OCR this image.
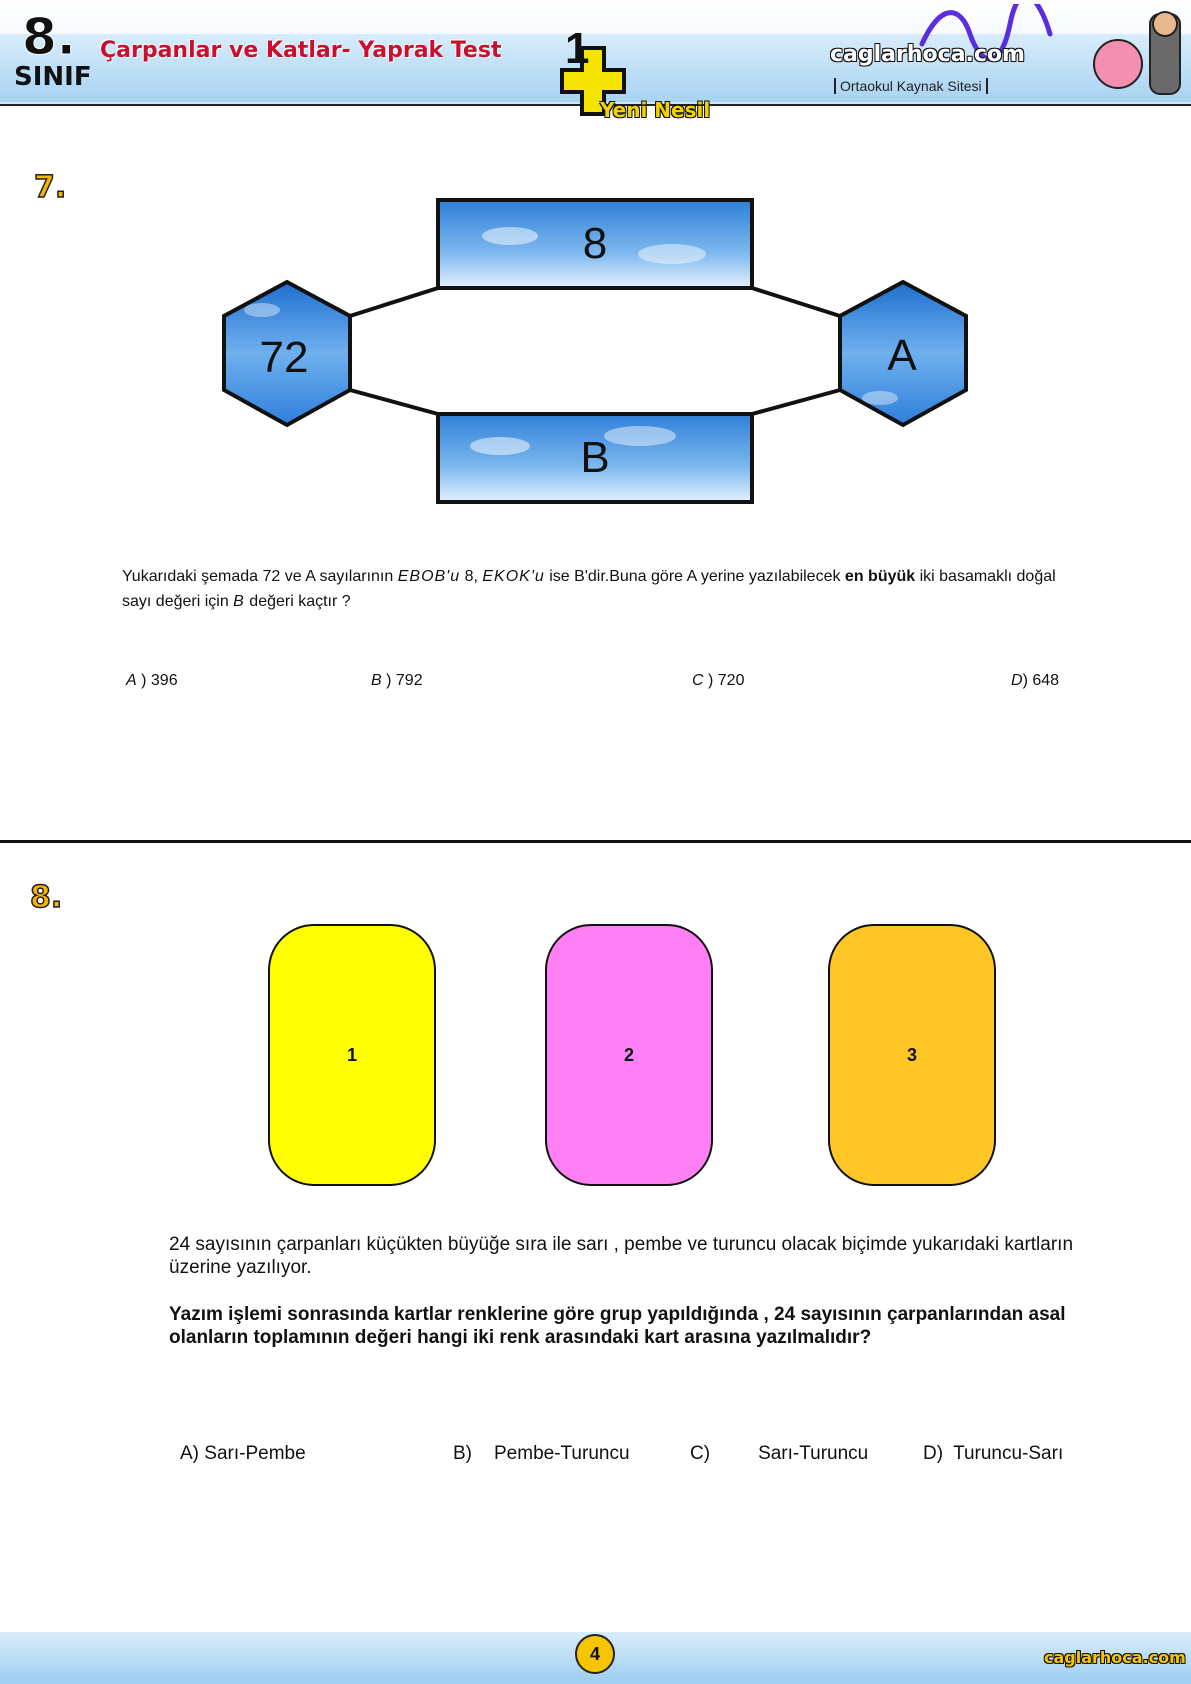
8.
SINIF
Çarpanlar ve Katlar- Yaprak Test	caglarhoca.com
Ortaokul Kaynak Sitesi
1
Yeni Nesil
7.
8
B
72	A
Yukarıdaki şemada 72 ve A sayılarının EBOB'u 8, EKOK'u ise B'dir.Buna göre A yerine yazılabilecek en büyük iki basamaklı doğal sayı değeri için B değeri kaçtır ?
A ) 396	B ) 792	C ) 720	D) 648
8.
1	2	3
24 sayısının çarpanları küçükten büyüğe sıra ile sarı , pembe ve turuncu olacak biçimde yukarıdaki kartların üzerine yazılıyor.
Yazım işlemi sonrasında kartlar renklerine göre grup yapıldığında , 24 sayısının çarpanlarından asal olanların toplamının değeri hangi iki renk arasındaki kart arasına yazılmalıdır?
A) Sarı-Pembe	B) Pembe-Turuncu	C)	Sarı-Turuncu	D) Turuncu-Sarı
4	caglarhoca.com
